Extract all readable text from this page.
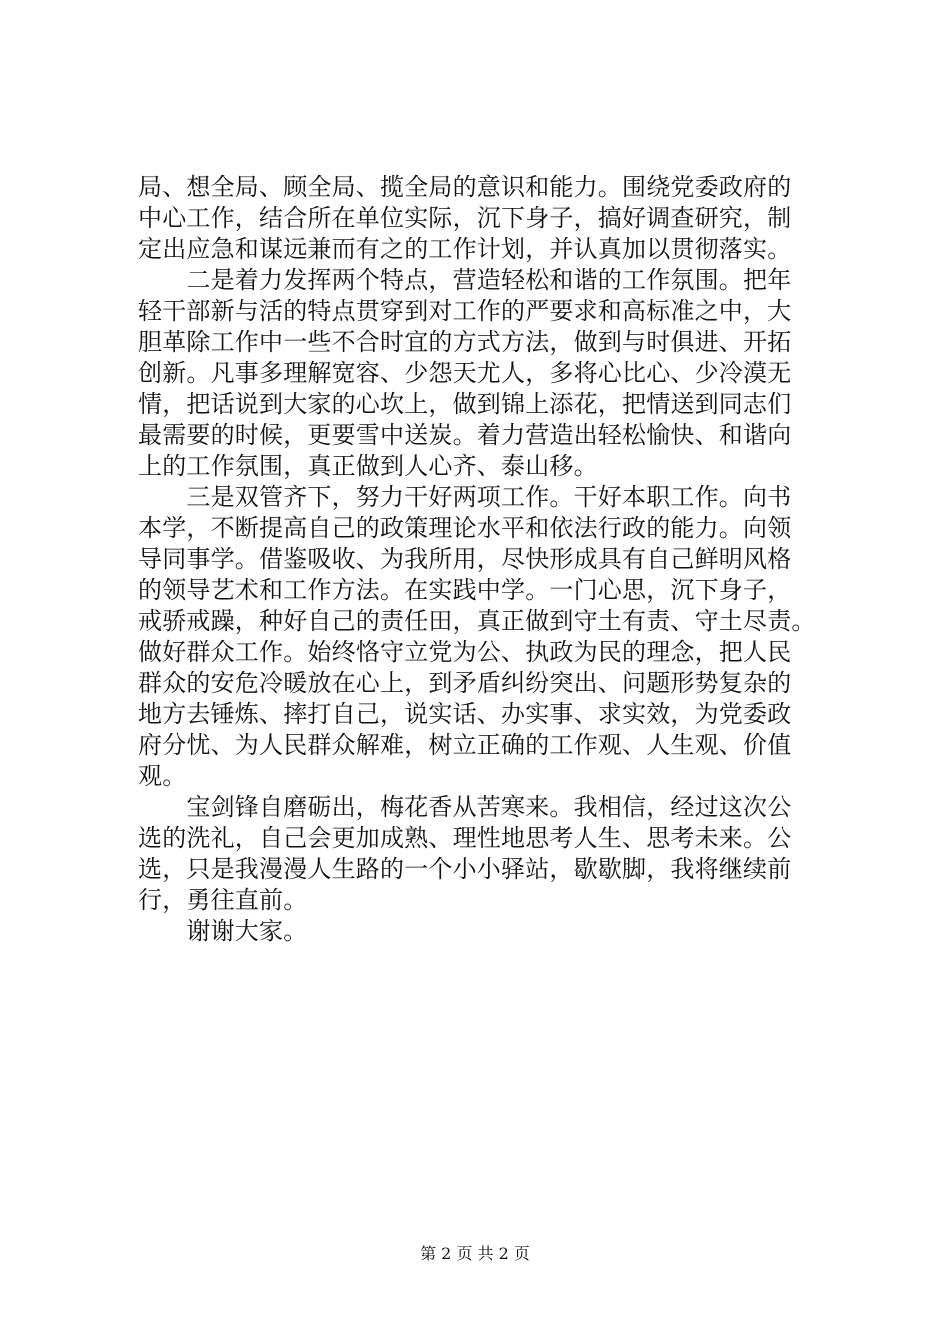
局、想全局、顾全局、揽全局的意识和能力。围绕党委政府的
中心工作，结合所在单位实际，沉下身子，搞好调查研究，制
定出应急和谋远兼而有之的工作计划，并认真加以贯彻落实。
　　二是着力发挥两个特点，营造轻松和谐的工作氛围。把年
轻干部新与活的特点贯穿到对工作的严要求和高标准之中，大
胆革除工作中一些不合时宜的方式方法，做到与时俱进、开拓
创新。凡事多理解宽容、少怨天尤人，多将心比心、少冷漠无
情，把话说到大家的心坎上，做到锦上添花，把情送到同志们
最需要的时候，更要雪中送炭。着力营造出轻松愉快、和谐向
上的工作氛围，真正做到人心齐、泰山移。
　　三是双管齐下，努力干好两项工作。干好本职工作。向书
本学，不断提高自己的政策理论水平和依法行政的能力。向领
导同事学。借鉴吸收、为我所用，尽快形成具有自己鲜明风格
的领导艺术和工作方法。在实践中学。一门心思，沉下身子，
戒骄戒躁，种好自己的责任田，真正做到守土有责、守土尽责。
做好群众工作。始终恪守立党为公、执政为民的理念，把人民
群众的安危冷暖放在心上，到矛盾纠纷突出、问题形势复杂的
地方去锤炼、摔打自己，说实话、办实事、求实效，为党委政
府分忧、为人民群众解难，树立正确的工作观、人生观、价值
观。
　　宝剑锋自磨砺出，梅花香从苦寒来。我相信，经过这次公
选的洗礼，自己会更加成熟、理性地思考人生、思考未来。公
选，只是我漫漫人生路的一个小小驿站，歇歇脚，我将继续前
行，勇往直前。
　　谢谢大家。
第 2 页 共 2 页
